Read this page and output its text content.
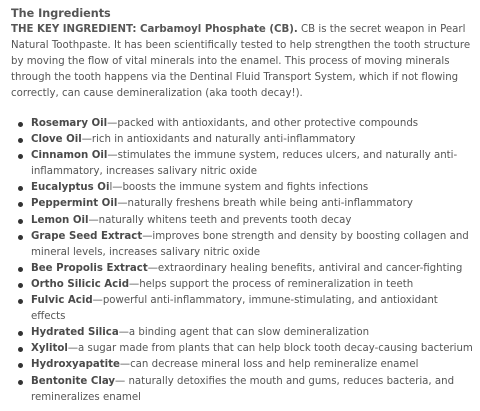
The Ingredients

THE KEY INGREDIENT: Carbamoyl Phosphate (CB). CB is the secret weapon in Pearl Natural Toothpaste. It has been scientifically tested to help strengthen the tooth structure by moving the flow of vital minerals into the enamel. This process of moving minerals through the tooth happens via the Dentinal Fluid Transport System, which if not flowing correctly, can cause demineralization (aka tooth decay!).

Rosemary Oil—packed with antioxidants, and other protective compounds
Clove Oil—rich in antioxidants and naturally anti-inflammatory
Cinnamon Oil—stimulates the immune system, reduces ulcers, and naturally anti-inflammatory, increases salivary nitric oxide
Eucalyptus Oil—boosts the immune system and fights infections
Peppermint Oil—naturally freshens breath while being anti-inflammatory
Lemon Oil—naturally whitens teeth and prevents tooth decay
Grape Seed Extract—improves bone strength and density by boosting collagen and mineral levels, increases salivary nitric oxide
Bee Propolis Extract—extraordinary healing benefits, antiviral and cancer-fighting
Ortho Silicic Acid—helps support the process of remineralization in teeth
Fulvic Acid—powerful anti-inflammatory, immune-stimulating, and antioxidant effects
Hydrated Silica—a binding agent that can slow demineralization
Xylitol—a sugar made from plants that can help block tooth decay-causing bacterium
Hydroxyapatite—can decrease mineral loss and help remineralize enamel
Bentonite Clay— naturally detoxifies the mouth and gums, reduces bacteria, and remineralizes enamel
